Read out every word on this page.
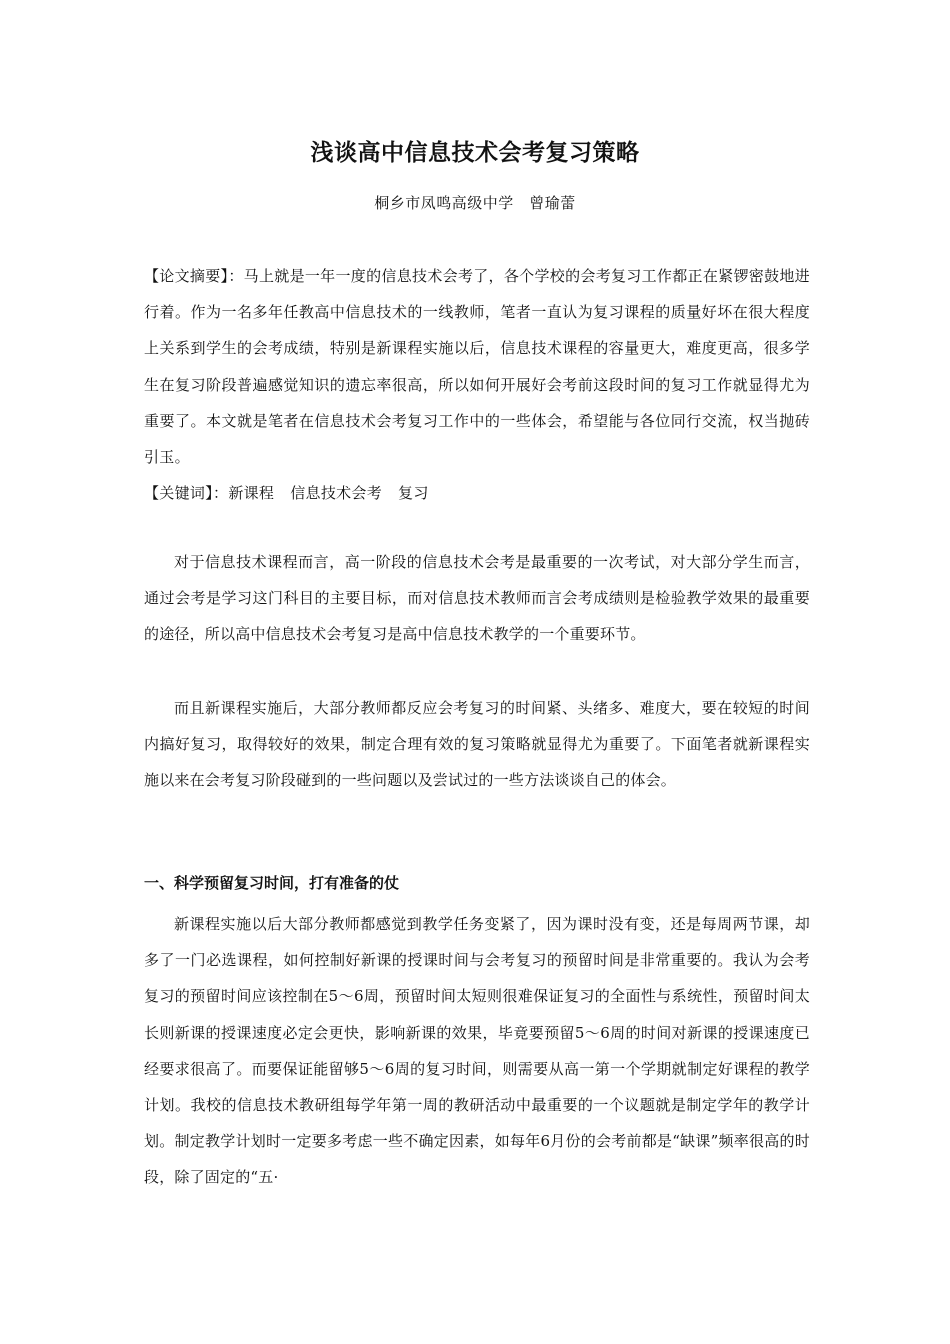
浅谈高中信息技术会考复习策略
桐乡市凤鸣高级中学　曾瑜蕾
【论文摘要】：马上就是一年一度的信息技术会考了，各个学校的会考复习工作都正在紧锣密鼓地进行着。作为一名多年任教高中信息技术的一线教师，笔者一直认为复习课程的质量好坏在很大程度上关系到学生的会考成绩，特别是新课程实施以后，信息技术课程的容量更大，难度更高，很多学生在复习阶段普遍感觉知识的遗忘率很高，所以如何开展好会考前这段时间的复习工作就显得尤为重要了。本文就是笔者在信息技术会考复习工作中的一些体会，希望能与各位同行交流，权当抛砖引玉。
【关键词】：新课程 信息技术会考 复习
对于信息技术课程而言，高一阶段的信息技术会考是最重要的一次考试，对大部分学生而言，通过会考是学习这门科目的主要目标，而对信息技术教师而言会考成绩则是检验教学效果的最重要的途径，所以高中信息技术会考复习是高中信息技术教学的一个重要环节。
而且新课程实施后，大部分教师都反应会考复习的时间紧、头绪多、难度大，要在较短的时间内搞好复习，取得较好的效果，制定合理有效的复习策略就显得尤为重要了。下面笔者就新课程实施以来在会考复习阶段碰到的一些问题以及尝试过的一些方法谈谈自己的体会。
一、科学预留复习时间，打有准备的仗
新课程实施以后大部分教师都感觉到教学任务变紧了，因为课时没有变，还是每周两节课，却多了一门必选课程，如何控制好新课的授课时间与会考复习的预留时间是非常重要的。我认为会考复习的预留时间应该控制在5～6周，预留时间太短则很难保证复习的全面性与系统性，预留时间太长则新课的授课速度必定会更快，影响新课的效果，毕竟要预留5～6周的时间对新课的授课速度已经要求很高了。而要保证能留够5～6周的复习时间，则需要从高一第一个学期就制定好课程的教学计划。我校的信息技术教研组每学年第一周的教研活动中最重要的一个议题就是制定学年的教学计划。制定教学计划时一定要多考虑一些不确定因素，如每年6月份的会考前都是“缺课”频率很高的时段，除了固定的“五·
